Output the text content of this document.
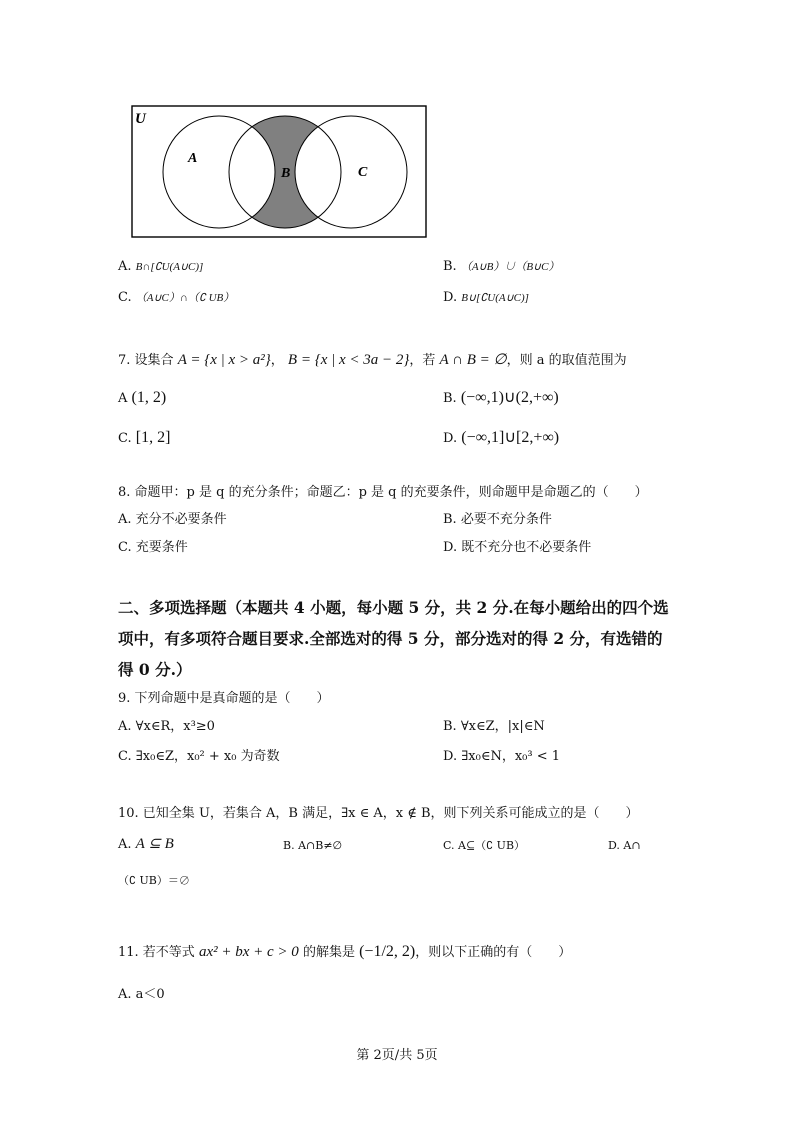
U
A
B	C
A. B∩[∁U(A∪C)]	B. （A∪B）∪（B∪C）
C. （A∪C）∩（∁ UB）	D. B∪[∁U(A∪C)]
7. 设集合 A = {x | x > a²}， B = {x | x < 3a − 2}，若 A ∩ B = ∅，则 a 的取值范围为
A (1, 2)	B. (−∞,1)∪(2,+∞)
C. [1, 2]	D. (−∞,1]∪[2,+∞)
8. 命题甲：p 是 q 的充分条件；命题乙：p 是 q 的充要条件，则命题甲是命题乙的（　　）
A. 充分不必要条件	B. 必要不充分条件
C. 充要条件	D. 既不充分也不必要条件
二、多项选择题（本题共 4 小题，每小题 5 分，共 2 分.在每小题给出的四个选
项中，有多项符合题目要求.全部选对的得 5 分，部分选对的得 2 分，有选错的
得 0 分.）
9. 下列命题中是真命题的是（　　）
A. ∀x∈R，x³≥0	B. ∀x∈Z，|x|∈N
C. ∃x₀∈Z，x₀² + x₀ 为奇数	D. ∃x₀∈N，x₀³ < 1
10. 已知全集 U，若集合 A，B 满足，∃x ∈ A，x ∉ B，则下列关系可能成立的是（　　）
A. A ⊆ B	B. A∩B≠∅	C. A⊆（∁ UB）	D. A∩
（∁ UB）＝∅
11. 若不等式 ax² + bx + c > 0 的解集是 (−1/2, 2)，则以下正确的有（　　）
A. a＜0
第 2页/共 5页
